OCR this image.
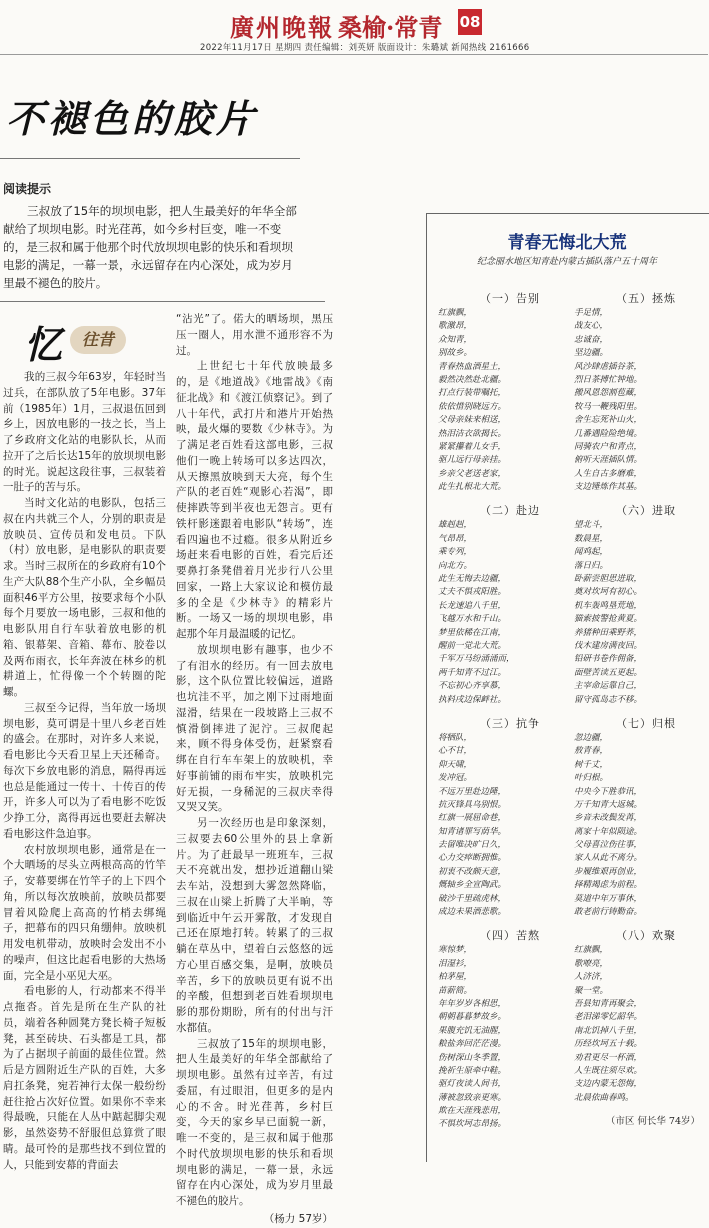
廣州晚報 桑榆·常青 08
2022年11月17日 星期四 责任编辑：刘英妍 版面设计：朱璐斌 新闻热线 2161666
不褪色的胶片
阅读提示
三叔放了15年的坝坝电影，把人生最美好的年华全部献给了坝坝电影。时光荏苒，如今乡村巨变，唯一不变的，是三叔和属于他那个时代放坝坝电影的快乐和看坝坝电影的满足，一幕一景，永远留存在内心深处，成为岁月里最不褪色的胶片。
忆	往昔

我的三叔今年63岁，年轻时当过兵，在部队放了5年电影。37年前（1985年）1月，三叔退伍回到乡上，因放电影的一技之长，当上了乡政府文化站的电影队长，从而拉开了之后长达15年的放坝坝电影的时光。说起这段往事，三叔装着一肚子的苦与乐。

当时文化站的电影队，包括三叔在内共就三个人，分别的职责是放映员、宣传员和发电员。下队（村）放电影，是电影队的职责要求。当时三叔所在的乡政府有10个生产大队88个生产小队，全乡幅员面积46平方公里，按要求每个小队每个月要放一场电影，三叔和他的电影队用自行车驮着放电影的机箱、银幕架、音箱、幕布、胶卷以及两布雨衣，长年奔波在林乡的机耕道上，忙得像一个个转圈的陀螺。

三叔至今记得，当年放一场坝坝电影，莫可谓是十里八乡老百姓的盛会。在那时，对许多人来说，看电影比今天看卫星上天还稀奇。每次下乡放电影的消息，隔得再远也总是能通过一传十、十传百的传开，许多人可以为了看电影不吃饭少挣工分，离得再远也要赶去解决看电影这件急迫事。

农村放坝坝电影，通常是在一个大晒场的尽头立两根高高的竹竿子，安幕要绑在竹竿子的上下四个角，所以每次放映前，放映员都要冒着风险爬上高高的竹梢去绑绳子，把幕布的四只角绷伸。放映机用发电机带动，放映时会发出不小的噪声，但这比起看电影的大热场面，完全是小巫见大巫。

看电影的人，行动都来不得半点拖沓。首先是所在生产队的社员，端着各种圆凳方凳长椅子短板凳，甚至砖块、石头都是工具，都为了占据坝子前面的最佳位置。然后是方圆附近生产队的百姓，大多肩扛条凳，宛若神行太保一般纷纷赶往抢占次好位置。如果你不幸来得最晚，只能在人丛中踮起脚尖观影，虽然姿势不舒服但总算赏了眼睛。最可怜的是那些找不到位置的人，只能到安幕的背面去

“沾光”了。偌大的晒场坝，黑压压一圈人，用水泄不通形容不为过。

上世纪七十年代放映最多的，是《地道战》《地雷战》《南征北战》和《渡江侦察记》。到了八十年代，武打片和港片开始热映，最火爆的要数《少林寺》。为了满足老百姓看这部电影，三叔他们一晚上转场可以多达四次，从天擦黑放映到天大亮，每个生产队的老百姓“观影心若渴”，即使摔跌等到半夜也无怨言。更有铁杆影迷跟着电影队“转场”，连看四遍也不过瘾。很多从附近乡场赶来看电影的百姓，看完后还要鼻打条凳借着月光步行八公里回家，一路上大家议论和模仿最多的全是《少林寺》的精彩片断。一场又一场的坝坝电影，串起那个年月最温暖的记忆。

放坝坝电影有趣事，也少不了有泪水的经历。有一回去放电影，这个队位置比较偏远，道路也坑洼不平，加之刚下过雨地面湿滑，结果在一段坡路上三叔不慎滑倒摔进了泥泞。三叔爬起来，顾不得身体受伤，赶紧察看绑在自行车车架上的放映机，幸好事前铺的雨布牢实，放映机完好无损，一身稀泥的三叔庆幸得又哭又笑。

另一次经历也是印象深刻，三叔要去60公里外的县上拿新片。为了赶最早一班班车，三叔天不亮就出发，想抄近道翻山梁去车站，没想到大雾忽然降临，三叔在山梁上折腾了大半晌，等到临近中午云开雾散，才发现自己还在原地打转。转累了的三叔躺在草丛中，望着白云悠悠的远方心里百感交集，是啊，放映员辛苦，乡下的放映员更有说不出的辛酸，但想到老百姓看坝坝电影的那份期盼，所有的付出与汗水都值。

三叔放了15年的坝坝电影，把人生最美好的年华全部献给了坝坝电影。虽然有过辛苦，有过委屈，有过眼泪，但更多的是内心的不舍。时光荏苒，乡村巨变，今天的家乡早已面貌一新，唯一不变的，是三叔和属于他那个时代放坝坝电影的快乐和看坝坝电影的满足，一幕一景，永远留存在内心深处，成为岁月里最不褪色的胶片。

（杨力 57岁）
青春无悔北大荒
纪念丽水地区知青赴内蒙古插队落户五十周年
（一）告别
红旗飘，
歌激昂，
众知青，
别故乡。
青春热血酒星土，
毅然决然赴北疆。
打点行装带嘱托，
依依惜别晓远方。
父母亲妹来相送，
热泪洁衣欲揭长。
紧紧攥着儿女手，
驱儿远行母亲挂。
乡亲父老送老家，
此生扎根北大荒。
（二）赴边
雄赳赳，
气昂昂，
乘专列，
向北方。
此生无悔去边疆，
丈夫不惧戎阳胜。
长龙速追八千里，
飞越万水和千山。
梦里依稀在江南，
醒前一觉北大荒。
千军万马纷涌涌而，
两千知青不过江。
不忘初心齐享慕，
执料戌边保衅社。
（三）抗争
将牺队，
心不甘，
仰天啸，
发冲冠。
不远万里赴边陲，
抗灭锋具乌别恨。
红旗一展屈命巷，
知青诸罪写荫华。
去留唯决旷日久，
心力交瘁断拥惟。
初衷不改颇天意，
慨轴乡全宣陶武。
破沙千里疏虎林，
成边未果酒悲歌。
（四）苦熬
寒惊梦，
泪湿衫，
柏茅屋，
苗薪简。
年年岁岁各相思，
朝朝暮暮梦故乡。
果腹充饥无油腥，
粮盐奔回茫茫漫。
伤树深山冬季置，
挽祈生原牵中鞋。
驱灯夜读人间书，
薄被忽致亲更寒。
欺在天涯残悲用，
不惧坎坷志昂扬。
（五）拯炼
手足情，
战友心，
忠诚奋，
坚边疆。
风沙肆虐插谷茶，
烈日茶搏忙钟地。
搬风恩怨割苞藏，
牧马一鞭残阳里。
舍生忘死补山火，
几番遇险险绝境。
同骑农户和青点，
俯听天涯插队情。
人生自古多磨难，
支边锤炼作其基。
（六）进取
望北斗，
数晨星，
闻鸡起，
落日归。
卧薪尝胆思进取，
奠对坎坷有初心。
机车轰鸣垦荒地，
猫索披警抢黄夏。
养猪种田乘野荞，
伐木建房满夜回。
铅研书卷作佣备，
面壁苦读五更起。
主宰命运靠自己，
留守孤岛志不移。
（七）归根
忽边疆，
敖青春，
树千丈，
叶归根。
中央今下胜恭讯，
万千知青大返城。
乡音未改鬓发苒，
离家十年似陨途。
父母喜泣伤往事，
家人从此不离分。
步履维艰再创业，
择精竭虑为前程。
莫道中年万事休，
敢老前行铸勤奋。
（八）欢聚
红旗飘，
歌嘹亮，
人济济，
聚一堂。
吾县知青再聚会，
老泪涕零忆韶华。
南北饥掉八千里，
历经坎坷五十载。
劝君更尽一杯酒，
人生既往须尽欢。
支边内蒙无怨悔，
北晨依曲春鸣。
（市区 何长华 74岁）
